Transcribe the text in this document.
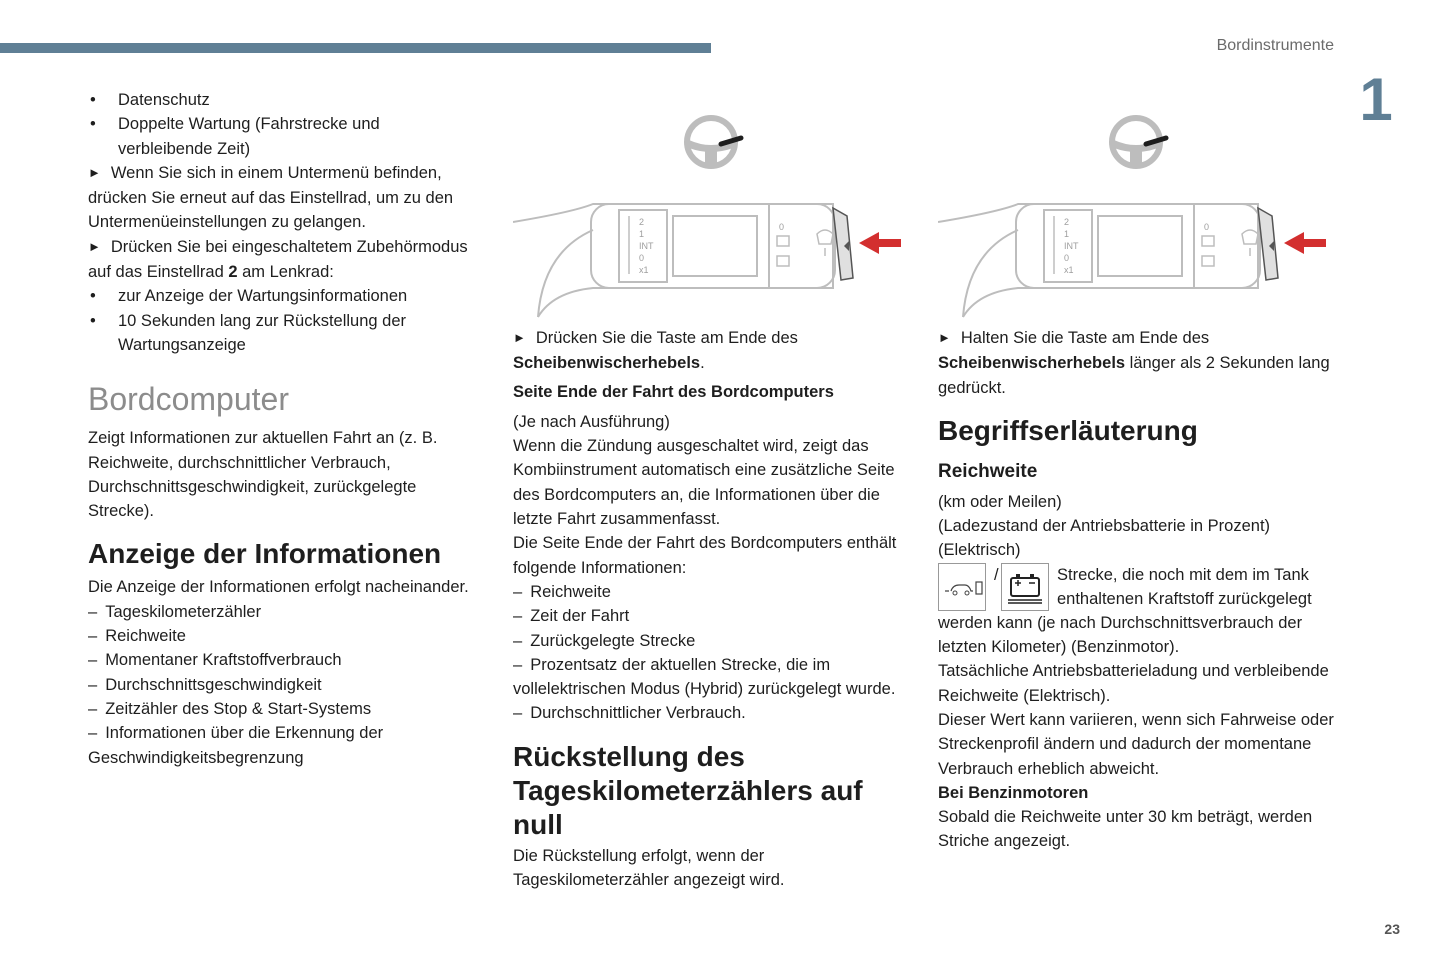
Bordinstrumente
1
23

• Datenschutz

• Doppelte Wartung (Fahrstrecke und verbleibende Zeit)

► Wenn Sie sich in einem Untermenü befinden, drücken Sie erneut auf das Einstellrad, um zu den Untermenüeinstellungen zu gelangen.

► Drücken Sie bei eingeschaltetem Zubehörmodus auf das Einstellrad 2 am Lenkrad:

• zur Anzeige der Wartungsinformationen

• 10 Sekunden lang zur Rückstellung der Wartungsanzeige

Bordcomputer

Zeigt Informationen zur aktuellen Fahrt an (z. B. Reichweite, durchschnittlicher Verbrauch, Durchschnittsgeschwindigkeit, zurückgelegte Strecke).

Anzeige der Informationen

Die Anzeige der Informationen erfolgt nacheinander.

– Tageskilometerzähler

– Reichweite

– Momentaner Kraftstoffverbrauch

– Durchschnittsgeschwindigkeit

– Zeitzähler des Stop & Start-Systems

– Informationen über die Erkennung der Geschwindigkeitsbegrenzung

2
1
INT
0
x1
0	2
1
INT
0
x1
0

► Drücken Sie die Taste am Ende des Scheibenwischerhebels.

Seite Ende der Fahrt des Bordcomputers

(Je nach Ausführung)

Wenn die Zündung ausgeschaltet wird, zeigt das Kombiinstrument automatisch eine zusätzliche Seite des Bordcomputers an, die Informationen über die letzte Fahrt zusammenfasst.

Die Seite Ende der Fahrt des Bordcomputers enthält folgende Informationen:

– Reichweite

– Zeit der Fahrt

– Zurückgelegte Strecke

– Prozentsatz der aktuellen Strecke, die im vollelektrischen Modus (Hybrid) zurückgelegt wurde.

– Durchschnittlicher Verbrauch.

Rückstellung des Tageskilometerzählers auf null

Die Rückstellung erfolgt, wenn der Tageskilometerzähler angezeigt wird.

► Halten Sie die Taste am Ende des Scheibenwischerhebels länger als 2 Sekunden lang gedrückt.

Begriffserläuterung

Reichweite

(km oder Meilen)

(Ladezustand der Antriebsbatterie in Prozent)

(Elektrisch)

/	Strecke, die noch mit dem im Tank enthaltenen Kraftstoff zurückgelegt

werden kann (je nach Durchschnittsverbrauch der letzten Kilometer) (Benzinmotor).

Tatsächliche Antriebsbatterieladung und verbleibende Reichweite (Elektrisch).

Dieser Wert kann variieren, wenn sich Fahrweise oder Streckenprofil ändern und dadurch der momentane Verbrauch erheblich abweicht.

Bei Benzinmotoren

Sobald die Reichweite unter 30 km beträgt, werden Striche angezeigt.
